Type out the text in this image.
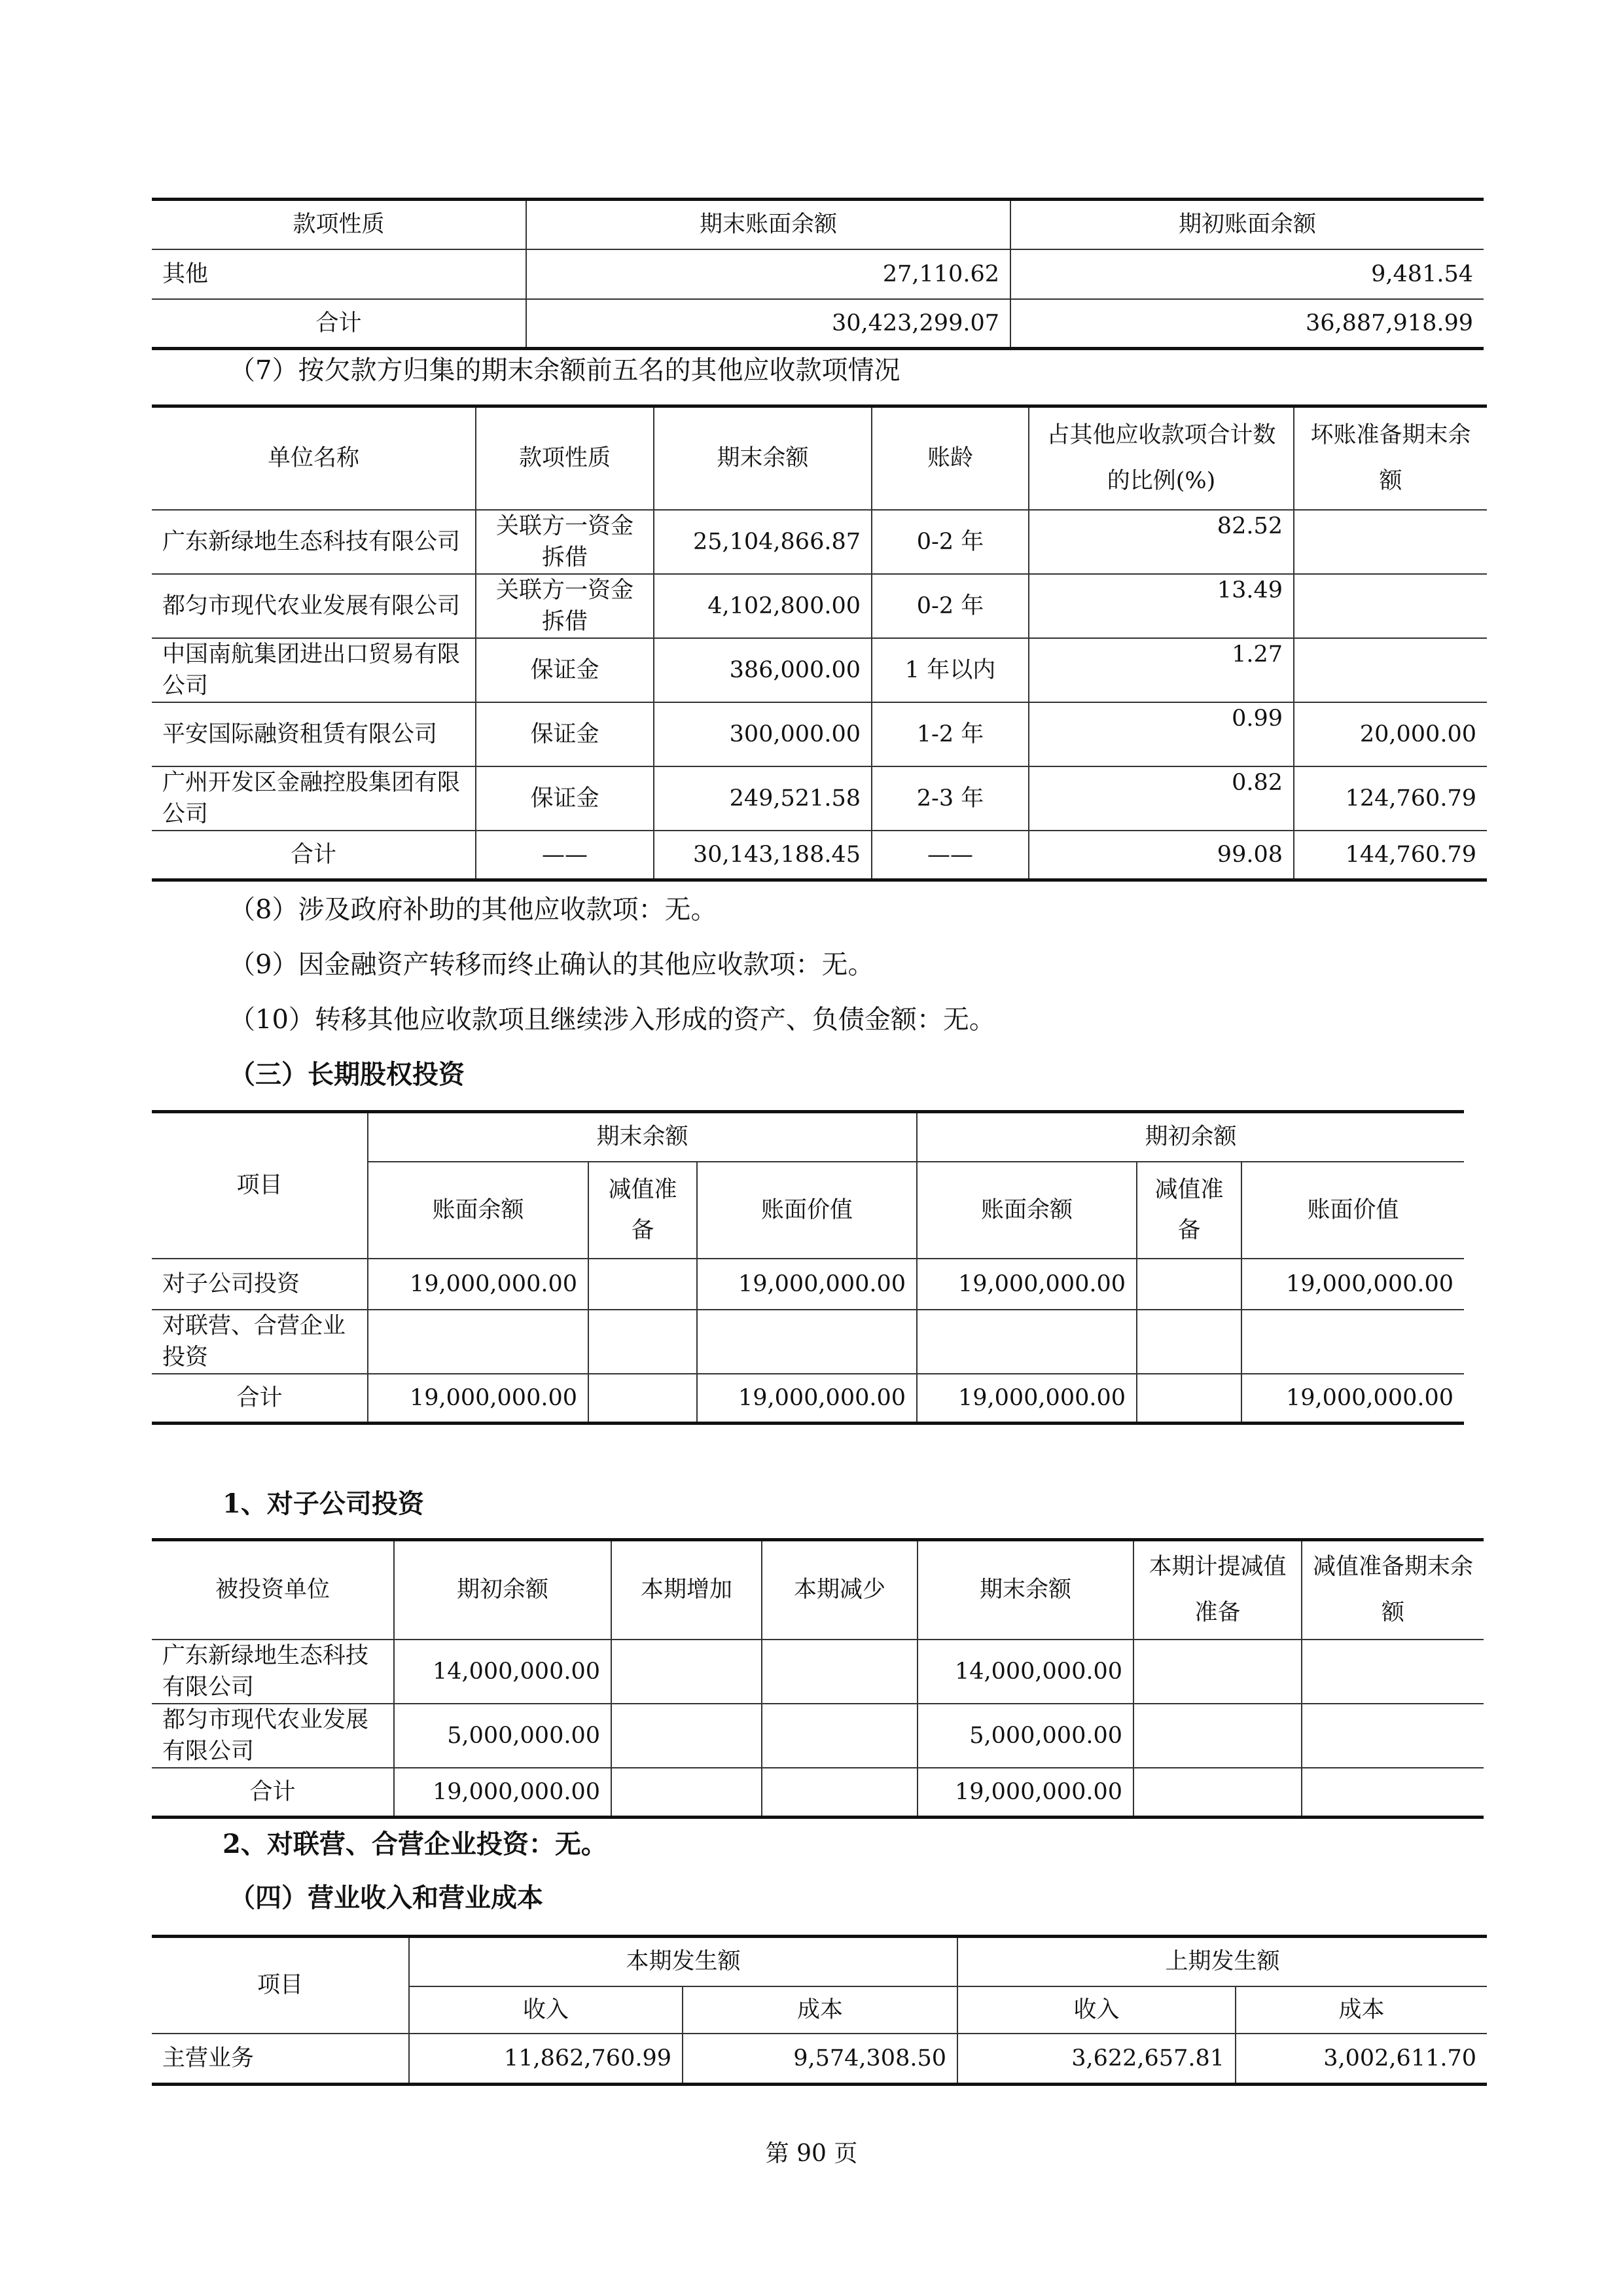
款项性质	期末账面余额	期初账面余额
其他	27,110.62	9,481.54
合计	30,423,299.07	36,887,918.99

（7）按欠款方归集的期末余额前五名的其他应收款项情况

单位名称	款项性质	期末余额	账龄	占其他应收款项合计数的比例(%)	坏账准备期末余额
广东新绿地生态科技有限公司	关联方一资金拆借	25,104,866.87	0-2 年	82.52	
都匀市现代农业发展有限公司	关联方一资金拆借	4,102,800.00	0-2 年	13.49	
中国南航集团进出口贸易有限公司	保证金	386,000.00	1 年以内	1.27	
平安国际融资租赁有限公司	保证金	300,000.00	1-2 年	0.99	20,000.00
广州开发区金融控股集团有限公司	保证金	249,521.58	2-3 年	0.82	124,760.79
合计	——	30,143,188.45	——	99.08	144,760.79

（8）涉及政府补助的其他应收款项：无。

（9）因金融资产转移而终止确认的其他应收款项：无。

（10）转移其他应收款项且继续涉入形成的资产、负债金额：无。

（三）长期股权投资

项目	期末余额			期初余额		
	账面余额	减值准备	账面价值	账面余额	减值准备	账面价值
对子公司投资	19,000,000.00		19,000,000.00	19,000,000.00		19,000,000.00
对联营、合营企业投资						
合计	19,000,000.00		19,000,000.00	19,000,000.00		19,000,000.00

1、对子公司投资

被投资单位	期初余额	本期增加	本期减少	期末余额	本期计提减值准备	减值准备期末余额
广东新绿地生态科技有限公司	14,000,000.00			14,000,000.00		
都匀市现代农业发展有限公司	5,000,000.00			5,000,000.00		
合计	19,000,000.00			19,000,000.00		

2、对联营、合营企业投资：无。

（四）营业收入和营业成本

项目	本期发生额		上期发生额	
	收入	成本	收入	成本
主营业务	11,862,760.99	9,574,308.50	3,622,657.81	3,002,611.70
第 90 页
